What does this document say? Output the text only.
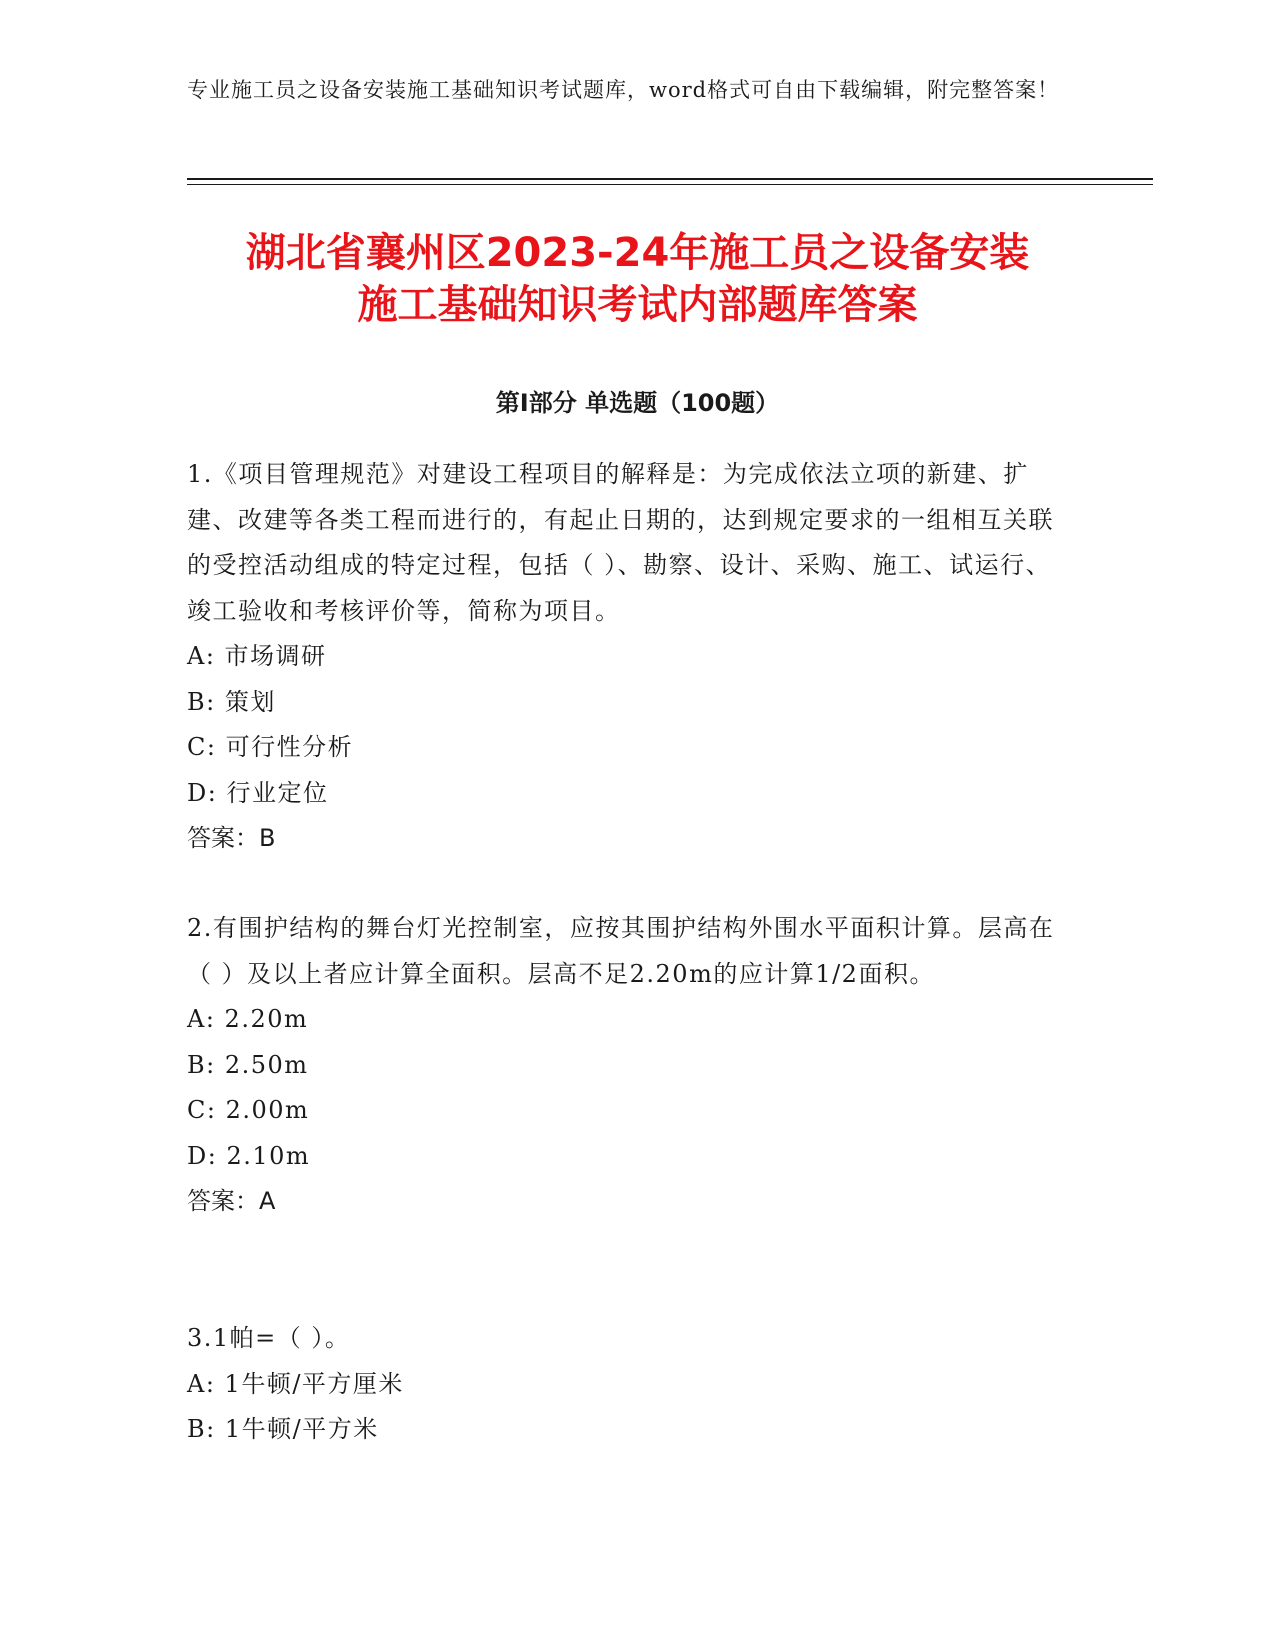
专业施工员之设备安装施工基础知识考试题库，word格式可自由下载编辑，附完整答案！
湖北省襄州区2023-24年施工员之设备安装
施工基础知识考试内部题库答案
第Ⅰ部分 单选题（100题）

1.《项目管理规范》对建设工程项目的解释是：为完成依法立项的新建、扩建、改建等各类工程而进行的，有起止日期的，达到规定要求的一组相互关联的受控活动组成的特定过程，包括（ ）、勘察、设计、采购、施工、试运行、竣工验收和考核评价等，简称为项目。

A: 市场调研

B: 策划

C: 可行性分析

D: 行业定位

答案：B

2.有围护结构的舞台灯光控制室，应按其围护结构外围水平面积计算。层高在（ ）及以上者应计算全面积。层高不足2.20m的应计算1/2面积。

A: 2.20m

B: 2.50m

C: 2.00m

D: 2.10m

答案：A

3.1帕=（ ）。

A: 1牛顿/平方厘米

B: 1牛顿/平方米
